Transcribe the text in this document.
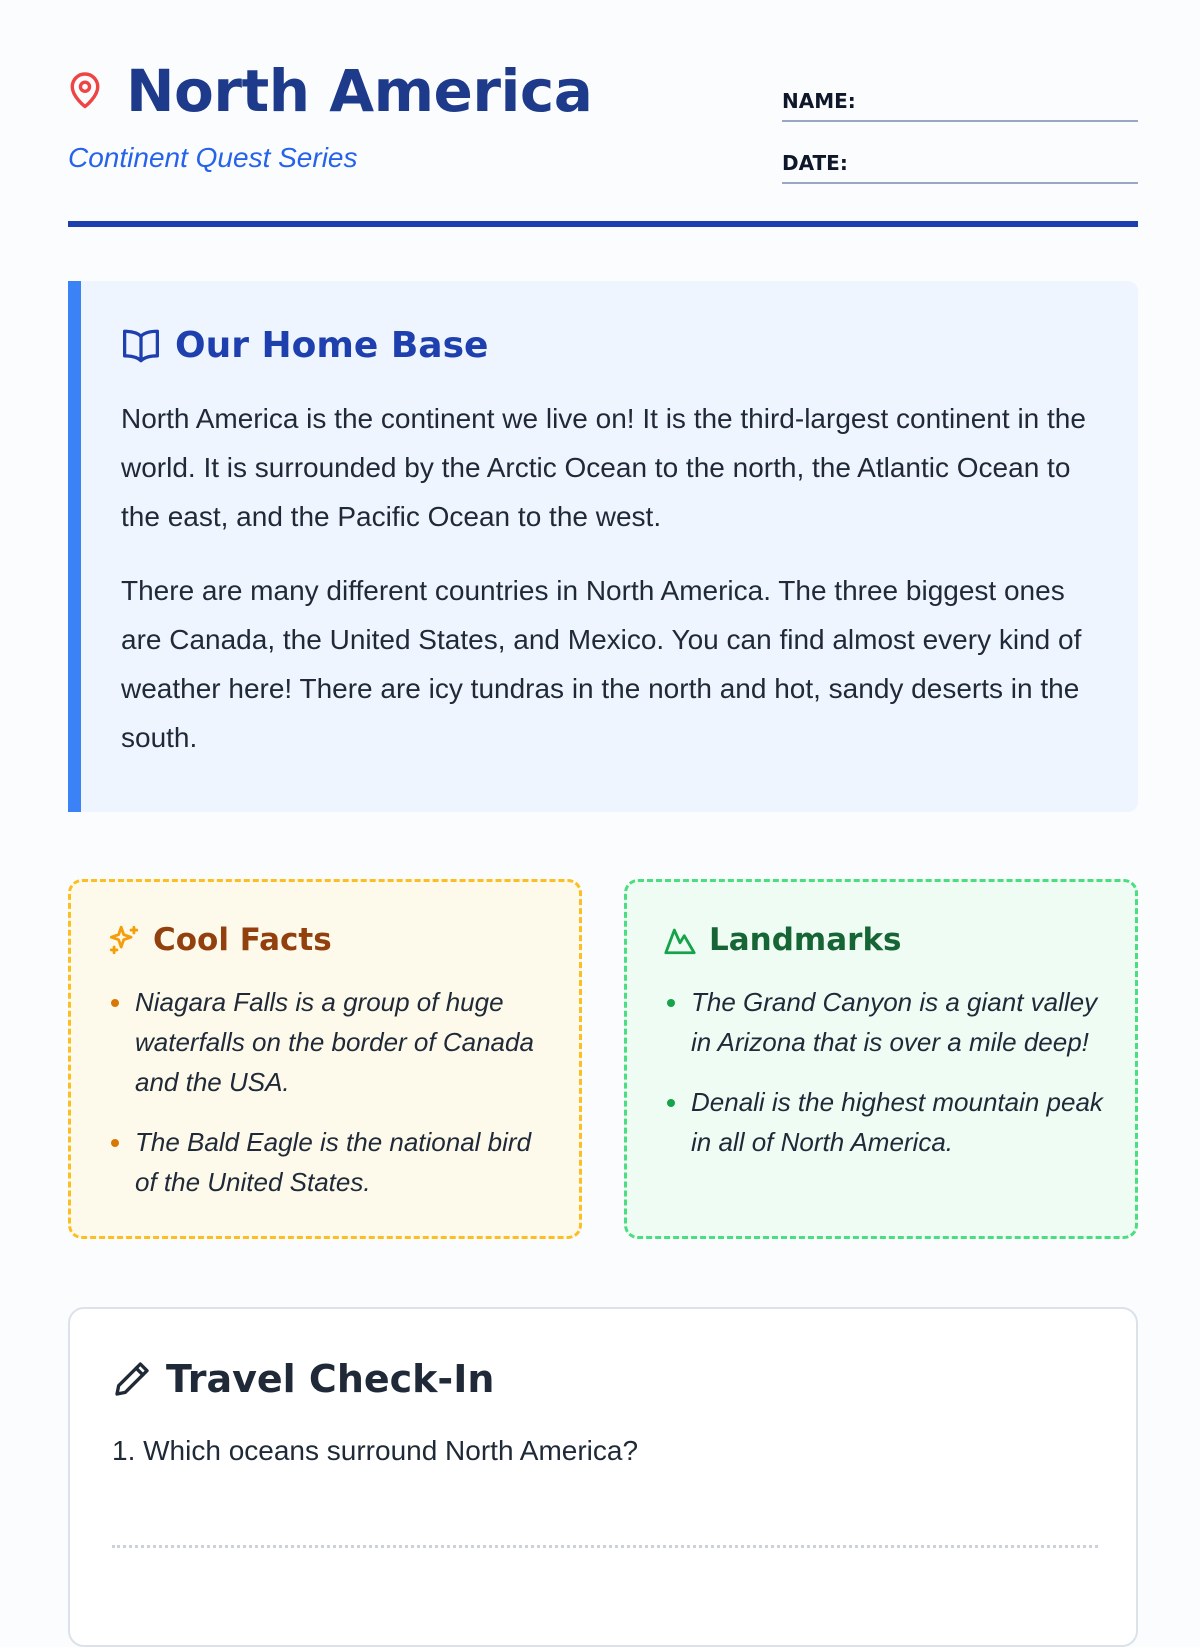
North America
Continent Quest Series
NAME:
DATE:
Our Home Base

North America is the continent we live on! It is the third-largest continent in the world. It is surrounded by the Arctic Ocean to the north, the Atlantic Ocean to the east, and the Pacific Ocean to the west.

There are many different countries in North America. The three biggest ones are Canada, the United States, and Mexico. You can find almost every kind of weather here! There are icy tundras in the north and hot, sandy deserts in the south.

Cool Facts
Niagara Falls is a group of huge waterfalls on the border of Canada and the USA.
The Bald Eagle is the national bird of the United States.
Landmarks
The Grand Canyon is a giant valley in Arizona that is over a mile deep!
Denali is the highest mountain peak in all of North America.
Travel Check-In
1. Which oceans surround North America?
